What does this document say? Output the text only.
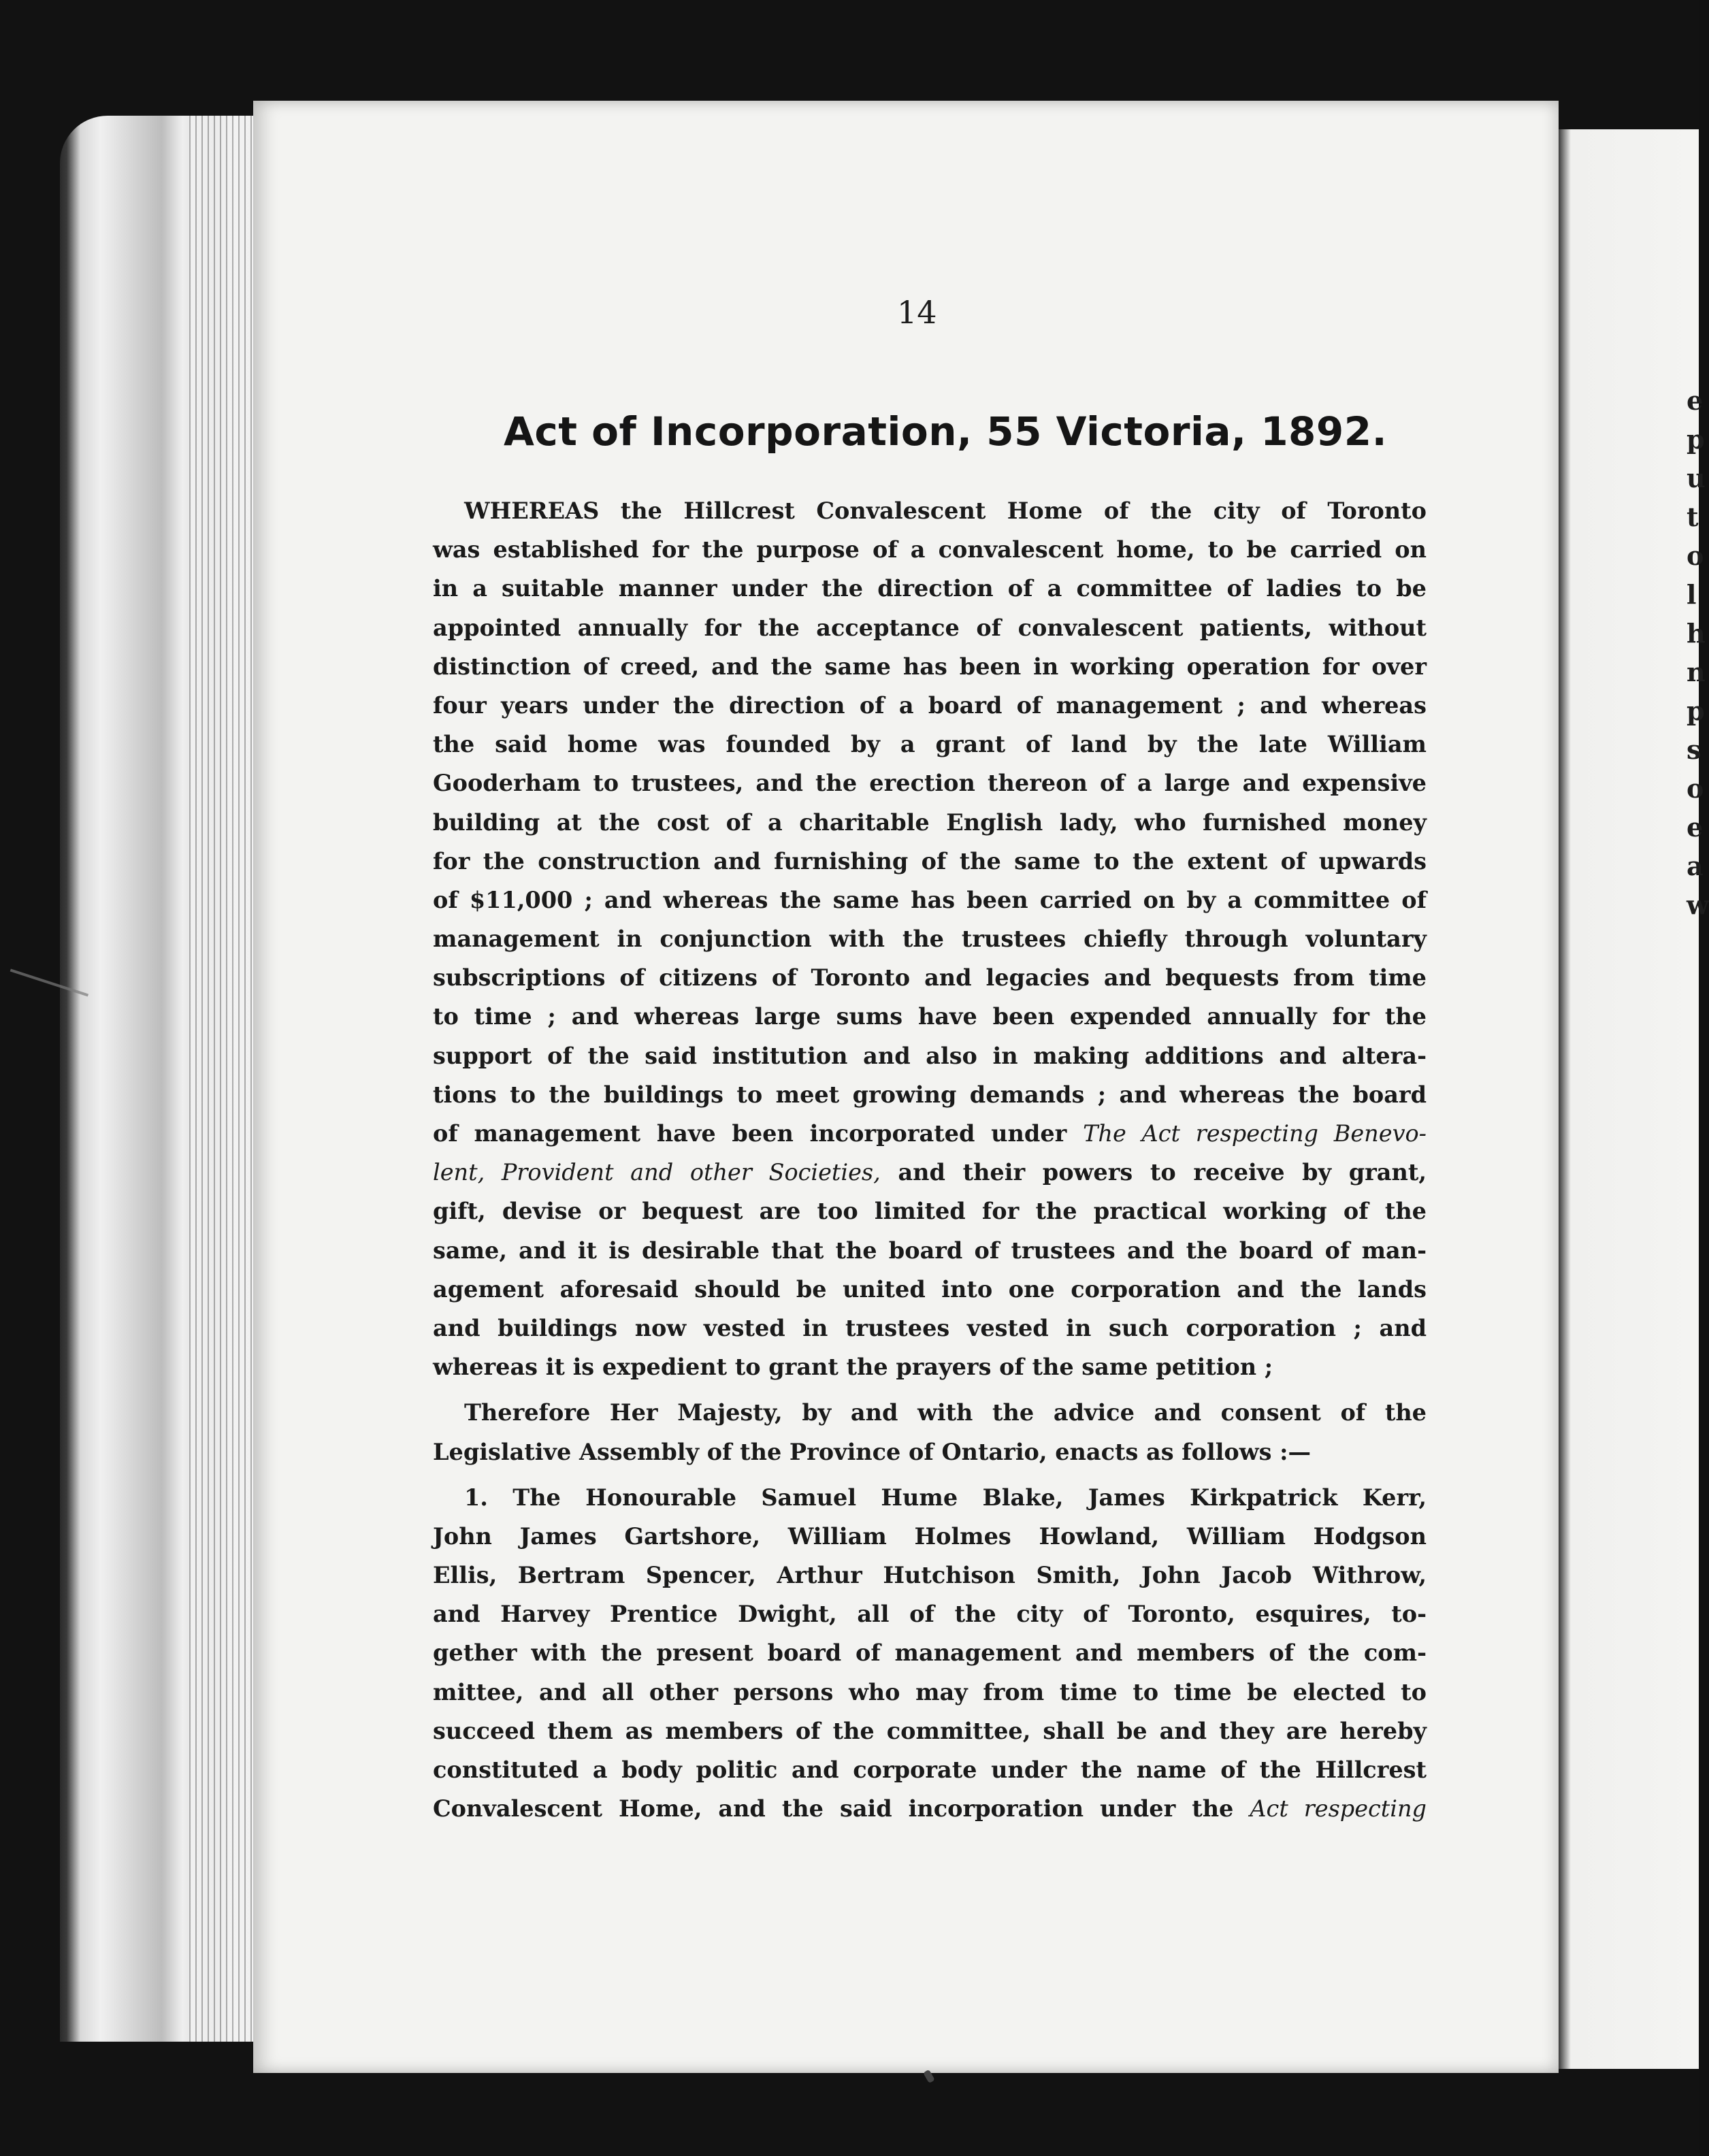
e
p
u
t
o
l
h
n
p
s
o
e
a
w
14
Act of Incorporation, 55 Victoria, 1892.
WHEREAS the Hillcrest Convalescent Home of the city of Toronto
was established for the purpose of a convalescent home, to be carried on
in a suitable manner under the direction of a committee of ladies to be
appointed annually for the acceptance of convalescent patients, without
distinction of creed, and the same has been in working operation for over
four years under the direction of a board of management ; and whereas
the said home was founded by a grant of land by the late William
Gooderham to trustees, and the erection thereon of a large and expensive
building at the cost of a charitable English lady, who furnished money
for the construction and furnishing of the same to the extent of upwards
of $11,000 ; and whereas the same has been carried on by a committee of
management in conjunction with the trustees chiefly through voluntary
subscriptions of citizens of Toronto and legacies and bequests from time
to time ; and whereas large sums have been expended annually for the
support of the said institution and also in making additions and altera-
tions to the buildings to meet growing demands ; and whereas the board
of management have been incorporated under The Act respecting Benevo-
lent, Provident and other Societies, and their powers to receive by grant,
gift, devise or bequest are too limited for the practical working of the
same, and it is desirable that the board of trustees and the board of man-
agement aforesaid should be united into one corporation and the lands
and buildings now vested in trustees vested in such corporation ; and
whereas it is expedient to grant the prayers of the same petition ;
Therefore Her Majesty, by and with the advice and consent of the
Legislative Assembly of the Province of Ontario, enacts as follows :—
1. The Honourable Samuel Hume Blake, James Kirkpatrick Kerr,
John James Gartshore, William Holmes Howland, William Hodgson
Ellis, Bertram Spencer, Arthur Hutchison Smith, John Jacob Withrow,
and Harvey Prentice Dwight, all of the city of Toronto, esquires, to-
gether with the present board of management and members of the com-
mittee, and all other persons who may from time to time be elected to
succeed them as members of the committee, shall be and they are hereby
constituted a body politic and corporate under the name of the Hillcrest
Convalescent Home, and the said incorporation under the Act respecting
